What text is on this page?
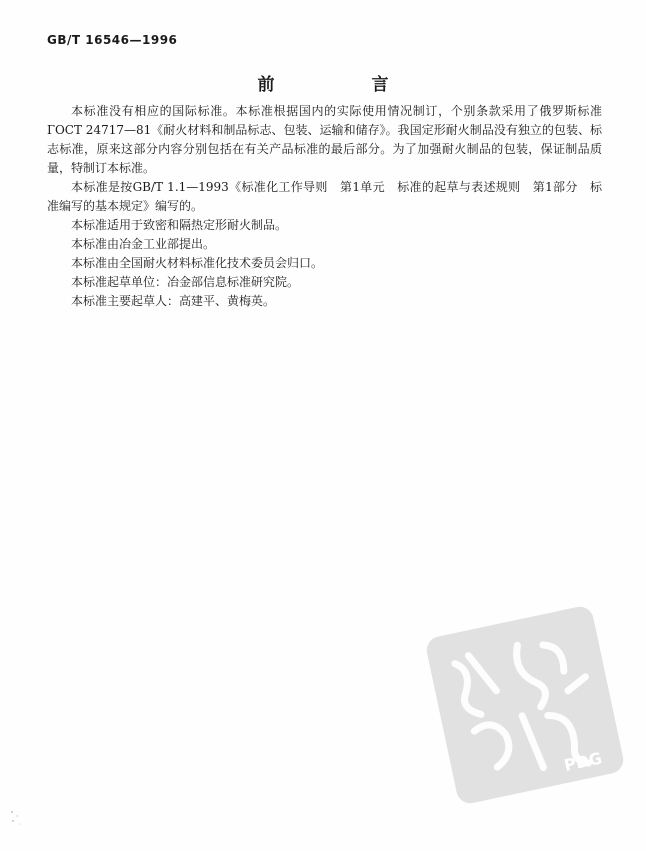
GB/T 16546—1996
前　言

本标准没有相应的国际标准。本标准根据国内的实际使用情况制订，个别条款采用了俄罗斯标准ГОСТ 24717—81《耐火材料和制品标志、包装、运输和储存》。我国定形耐火制品没有独立的包装、标志标准，原来这部分内容分别包括在有关产品标准的最后部分。为了加强耐火制品的包装，保证制品质量，特制订本标准。

本标准是按GB/T 1.1—1993《标准化工作导则　第1单元　标准的起草与表述规则　第1部分　标准编写的基本规定》编写的。

本标准适用于致密和隔热定形耐火制品。

本标准由冶金工业部提出。

本标准由全国耐火材料标准化技术委员会归口。

本标准起草单位：冶金部信息标准研究院。

本标准主要起草人：高建平、黄梅英。

PDG
